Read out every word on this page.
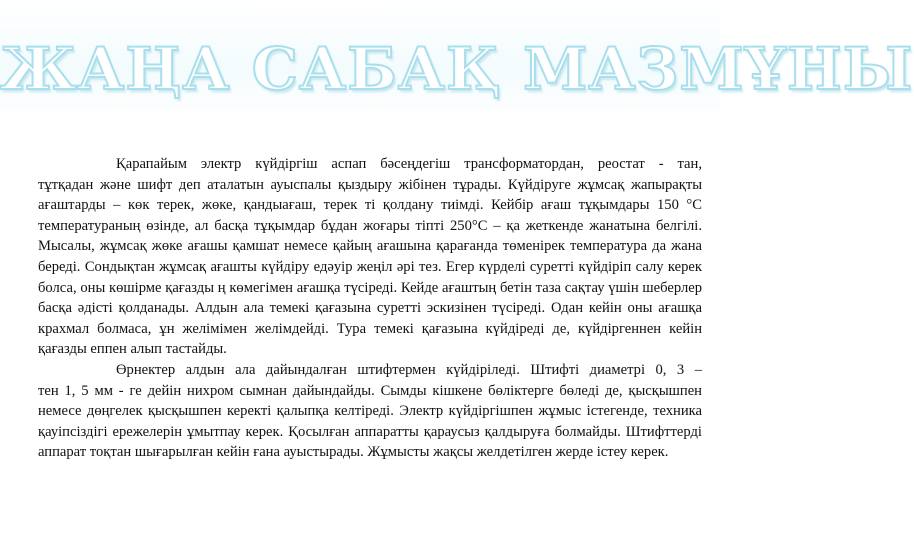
ЖАҢА САБАҚ МАЗМҰНЫ

Қарапайым электр күйдіргіш аспап бәсеңдегіш трансформатордан, реостат - тан,

тұтқадан және шифт деп аталатын ауыспалы қыздыру жібінен тұрады. Күйдіруге жұмсақ жапырақты ағаштарды – көк терек, жөке, қандыағаш, терек ті қолдану тиімді. Кейбір ағаш тұқымдары 150 °С температураның өзінде, ал басқа тұқымдар бұдан жоғары тіпті 250°С – қа жеткенде жанатына белгілі. Мысалы, жұмсақ жөке ағашы қамшат немесе қайың ағашына қарағанда төменірек температура да жана береді. Сондықтан жұмсақ ағашты күйдіру едәуір жеңіл әрі тез. Егер күрделі суретті күйдіріп салу керек болса, оны көшірме қағазды ң көмегімен ағашқа түсіреді. Кейде ағаштың бетін таза сақтау үшін шеберлер басқа әдісті қолданады. Алдын ала темекі қағазына суретті эскизінен түсіреді. Одан кейін оны ағашқа крахмал болмаса, ұн желімімен желімдейді. Тура темекі қағазына күйдіреді де, күйдіргеннен кейін қағазды еппен алып тастайды.

Өрнектер алдын ала дайындалған штифтермен күйдіріледі. Штифті диаметрі 0, 3 –

тен 1, 5 мм - ге дейін нихром сымнан дайындайды. Сымды кішкене бөліктерге бөледі де, қысқышпен немесе дөңгелек қысқышпен керекті қалыпқа келтіреді. Электр күйдіргішпен жұмыс істегенде, техника қауіпсіздігі ережелерін ұмытпау керек. Қосылған аппаратты қараусыз қалдыруға болмайды. Штифттерді аппарат тоқтан шығарылған кейін ғана ауыстырады. Жұмысты жақсы желдетілген жерде істеу керек.
